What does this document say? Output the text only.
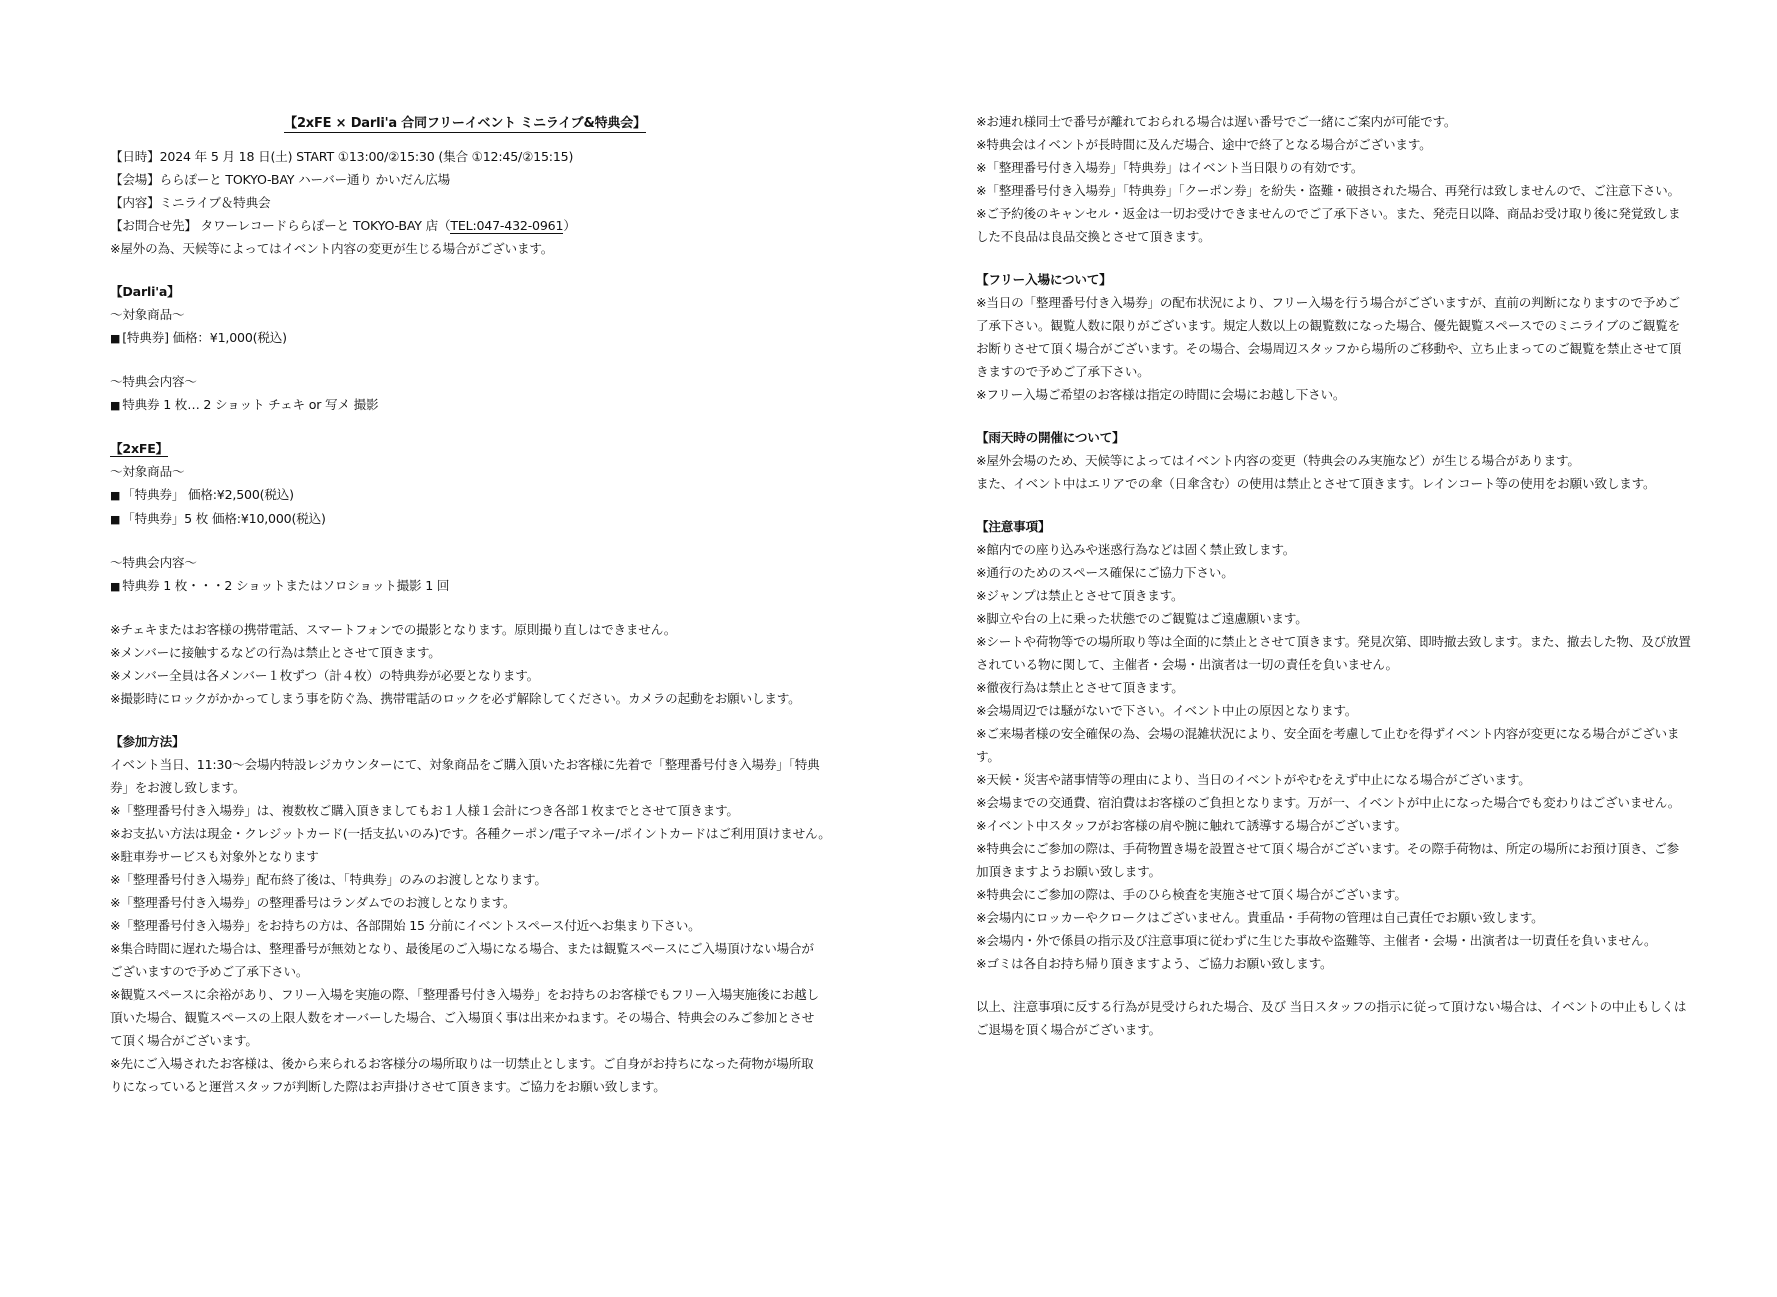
【2xFE × Darli'a 合同フリーイベント ミニライブ&特典会】
【日時】2024 年 5 月 18 日(土) START ①13:00/②15:30 (集合 ①12:45/②15:15)
【会場】ららぽーと TOKYO-BAY ハーバー通り かいだん広場
【内容】ミニライブ＆特典会
【お問合せ先】 タワーレコードららぽーと TOKYO-BAY 店（TEL:047-432-0961）
※屋外の為、天候等によってはイベント内容の変更が生じる場合がございます。
【Darli'a】
～対象商品～
■ [特典券] 価格：¥1,000(税込)
～特典会内容～
■ 特典券 1 枚… 2 ショット チェキ or 写メ 撮影
【2xFE】
～対象商品～
■ 「特典券」 価格:¥2,500(税込)
■ 「特典券」5 枚 価格:¥10,000(税込)
～特典会内容～
■ 特典券 1 枚・・・2 ショットまたはソロショット撮影 1 回
※チェキまたはお客様の携帯電話、スマートフォンでの撮影となります。原則撮り直しはできません。
※メンバーに接触するなどの行為は禁止とさせて頂きます。
※メンバー全員は各メンバー１枚ずつ（計４枚）の特典券が必要となります。
※撮影時にロックがかかってしまう事を防ぐ為、携帯電話のロックを必ず解除してください。カメラの起動をお願いします。
【参加方法】
イベント当日、11:30～会場内特設レジカウンターにて、対象商品をご購入頂いたお客様に先着で「整理番号付き入場券」「特典券」をお渡し致します。
※「整理番号付き入場券」は、複数枚ご購入頂きましてもお１人様１会計につき各部１枚までとさせて頂きます。
※お支払い方法は現金・クレジットカード(一括支払いのみ)です。各種クーポン/電子マネー/ポイントカードはご利用頂けません。
※駐車券サービスも対象外となります
※「整理番号付き入場券」配布終了後は、「特典券」のみのお渡しとなります。
※「整理番号付き入場券」の整理番号はランダムでのお渡しとなります。
※「整理番号付き入場券」をお持ちの方は、各部開始 15 分前にイベントスペース付近へお集まり下さい。
※集合時間に遅れた場合は、整理番号が無効となり、最後尾のご入場になる場合、または観覧スペースにご入場頂けない場合がございますので予めご了承下さい。
※観覧スペースに余裕があり、フリー入場を実施の際、「整理番号付き入場券」をお持ちのお客様でもフリー入場実施後にお越し頂いた場合、観覧スペースの上限人数をオーバーした場合、ご入場頂く事は出来かねます。その場合、特典会のみご参加とさせて頂く場合がございます。
※先にご入場されたお客様は、後から来られるお客様分の場所取りは一切禁止とします。ご自身がお持ちになった荷物が場所取りになっていると運営スタッフが判断した際はお声掛けさせて頂きます。ご協力をお願い致します。
※お連れ様同士で番号が離れておられる場合は遅い番号でご一緒にご案内が可能です。
※特典会はイベントが長時間に及んだ場合、途中で終了となる場合がございます。
※「整理番号付き入場券」「特典券」はイベント当日限りの有効です。
※「整理番号付き入場券」「特典券」「クーポン券」を紛失・盗難・破損された場合、再発行は致しませんので、ご注意下さい。
※ご予約後のキャンセル・返金は一切お受けできませんのでご了承下さい。また、発売日以降、商品お受け取り後に発覚致しました不良品は良品交換とさせて頂きます。
【フリー入場について】
※当日の「整理番号付き入場券」の配布状況により、フリー入場を行う場合がございますが、直前の判断になりますので予めご了承下さい。観覧人数に限りがございます。規定人数以上の観覧数になった場合、優先観覧スペースでのミニライブのご観覧をお断りさせて頂く場合がございます。その場合、会場周辺スタッフから場所のご移動や、立ち止まってのご観覧を禁止させて頂きますので予めご了承下さい。
※フリー入場ご希望のお客様は指定の時間に会場にお越し下さい。
【雨天時の開催について】
※屋外会場のため、天候等によってはイベント内容の変更（特典会のみ実施など）が生じる場合があります。
また、イベント中はエリアでの傘（日傘含む）の使用は禁止とさせて頂きます。レインコート等の使用をお願い致します。
【注意事項】
※館内での座り込みや迷惑行為などは固く禁止致します。
※通行のためのスペース確保にご協力下さい。
※ジャンプは禁止とさせて頂きます。
※脚立や台の上に乗った状態でのご観覧はご遠慮願います。
※シートや荷物等での場所取り等は全面的に禁止とさせて頂きます。発見次第、即時撤去致します。また、撤去した物、及び放置されている物に関して、主催者・会場・出演者は一切の責任を負いません。
※徹夜行為は禁止とさせて頂きます。
※会場周辺では騒がないで下さい。イベント中止の原因となります。
※ご来場者様の安全確保の為、会場の混雑状況により、安全面を考慮して止むを得ずイベント内容が変更になる場合がございます。
※天候・災害や諸事情等の理由により、当日のイベントがやむをえず中止になる場合がございます。
※会場までの交通費、宿泊費はお客様のご負担となります。万が一、イベントが中止になった場合でも変わりはございません。
※イベント中スタッフがお客様の肩や腕に触れて誘導する場合がございます。
※特典会にご参加の際は、手荷物置き場を設置させて頂く場合がございます。その際手荷物は、所定の場所にお預け頂き、ご参加頂きますようお願い致します。
※特典会にご参加の際は、手のひら検査を実施させて頂く場合がございます。
※会場内にロッカーやクロークはございません。貴重品・手荷物の管理は自己責任でお願い致します。
※会場内・外で係員の指示及び注意事項に従わずに生じた事故や盗難等、主催者・会場・出演者は一切責任を負いません。
※ゴミは各自お持ち帰り頂きますよう、ご協力お願い致します。
以上、注意事項に反する行為が見受けられた場合、及び 当日スタッフの指示に従って頂けない場合は、イベントの中止もしくはご退場を頂く場合がございます。
